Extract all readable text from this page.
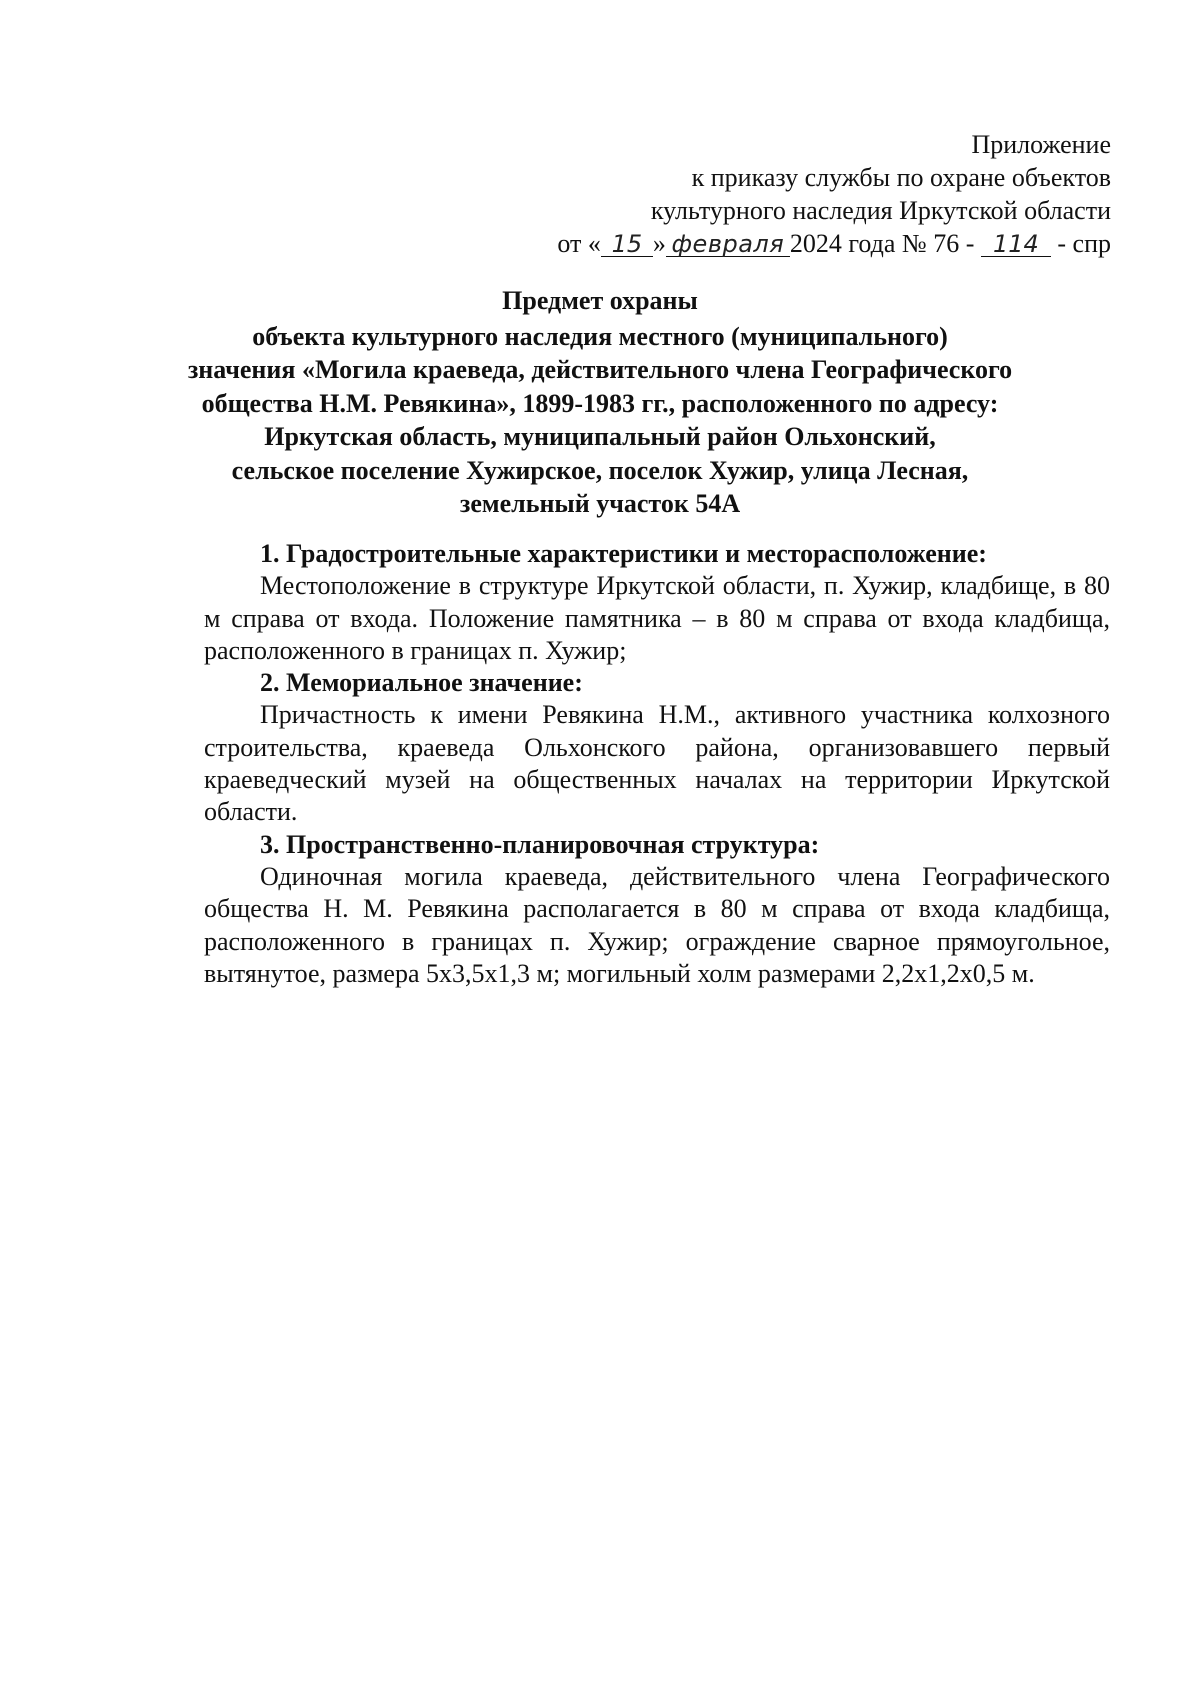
Приложение
к приказу службы по охране объектов
культурного наследия Иркутской области
от « 15 » февраля 2024 года № 76 - 114 - спр
Предмет охраны
объекта культурного наследия местного (муниципального)
значения «Могила краеведа, действительного члена Географического
общества Н.М. Ревякина», 1899-1983 гг., расположенного по адресу:
Иркутская область, муниципальный район Ольхонский,
сельское поселение Хужирское, поселок Хужир, улица Лесная,
земельный участок 54А
1. Градостроительные характеристики и месторасположение:

Местоположение в структуре Иркутской области, п. Хужир, кладбище, в 80 м справа от входа. Положение памятника – в 80 м справа от входа кладбища, расположенного в границах п. Хужир;

2. Мемориальное значение:

Причастность к имени Ревякина Н.М., активного участника колхозного строительства, краеведа Ольхонского района, организовавшего первый краеведческий музей на общественных началах на территории Иркутской области.

3. Пространственно-планировочная структура:

Одиночная могила краеведа, действительного члена Географического общества Н. М. Ревякина располагается в 80 м справа от входа кладбища, расположенного в границах п. Хужир; ограждение сварное прямоугольное, вытянутое, размера 5х3,5х1,3 м; могильный холм размерами 2,2х1,2х0,5 м.
